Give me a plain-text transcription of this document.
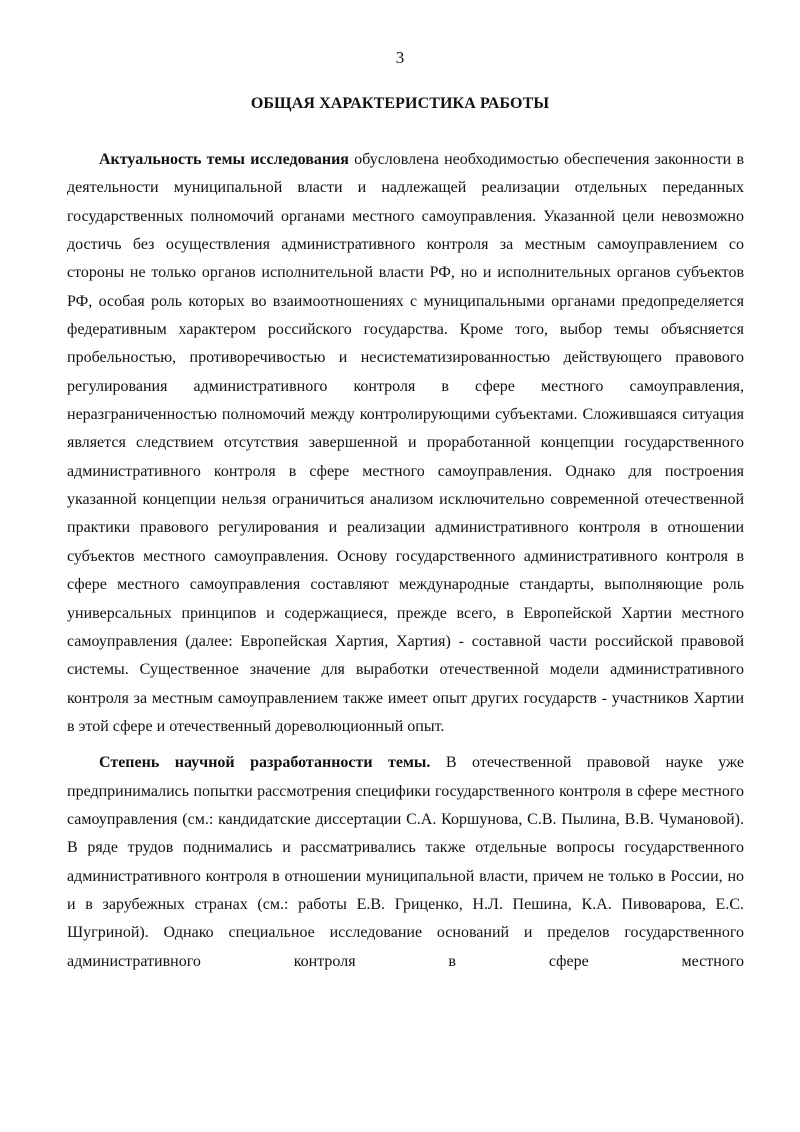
3
ОБЩАЯ ХАРАКТЕРИСТИКА РАБОТЫ

Актуальность темы исследования обусловлена необходимостью обеспечения законности в деятельности муниципальной власти и надлежащей реализации отдельных переданных государственных полномочий органами местного самоуправления. Указанной цели невозможно достичь без осуществления административного контроля за местным самоуправлением со стороны не только органов исполнительной власти РФ, но и исполнительных органов субъектов РФ, особая роль которых во взаимоотношениях с муниципальными органами предопределяется федеративным характером российского государства. Кроме того, выбор темы объясняется пробельностью, противоречивостью и несистематизированностью действующего правового регулирования административного контроля в сфере местного самоуправления, неразграниченностью полномочий между контролирующими субъектами. Сложившаяся ситуация является следствием отсутствия завершенной и проработанной концепции государственного административного контроля в сфере местного самоуправления. Однако для построения указанной концепции нельзя ограничиться анализом исключительно современной отечественной практики правового регулирования и реализации административного контроля в отношении субъектов местного самоуправления. Основу государственного административного контроля в сфере местного самоуправления составляют международные стандарты, выполняющие роль универсальных принципов и содержащиеся, прежде всего, в Европейской Хартии местного самоуправления (далее: Европейская Хартия, Хартия) - составной части российской правовой системы. Существенное значение для выработки отечественной модели административного контроля за местным самоуправлением также имеет опыт других государств - участников Хартии в этой сфере и отечественный дореволюционный опыт.

Степень научной разработанности темы. В отечественной правовой науке уже предпринимались попытки рассмотрения специфики государственного контроля в сфере местного самоуправления (см.: кандидатские диссертации С.А. Коршунова, С.В. Пылина, В.В. Чумановой). В ряде трудов поднимались и рассматривались также отдельные вопросы государственного административного контроля в отношении муниципальной власти, причем не только в России, но и в зарубежных странах (см.: работы Е.В. Гриценко, Н.Л. Пешина, К.А. Пивоварова, Е.С. Шугриной). Однако специальное исследование оснований и пределов государственного административного контроля в сфере местного
